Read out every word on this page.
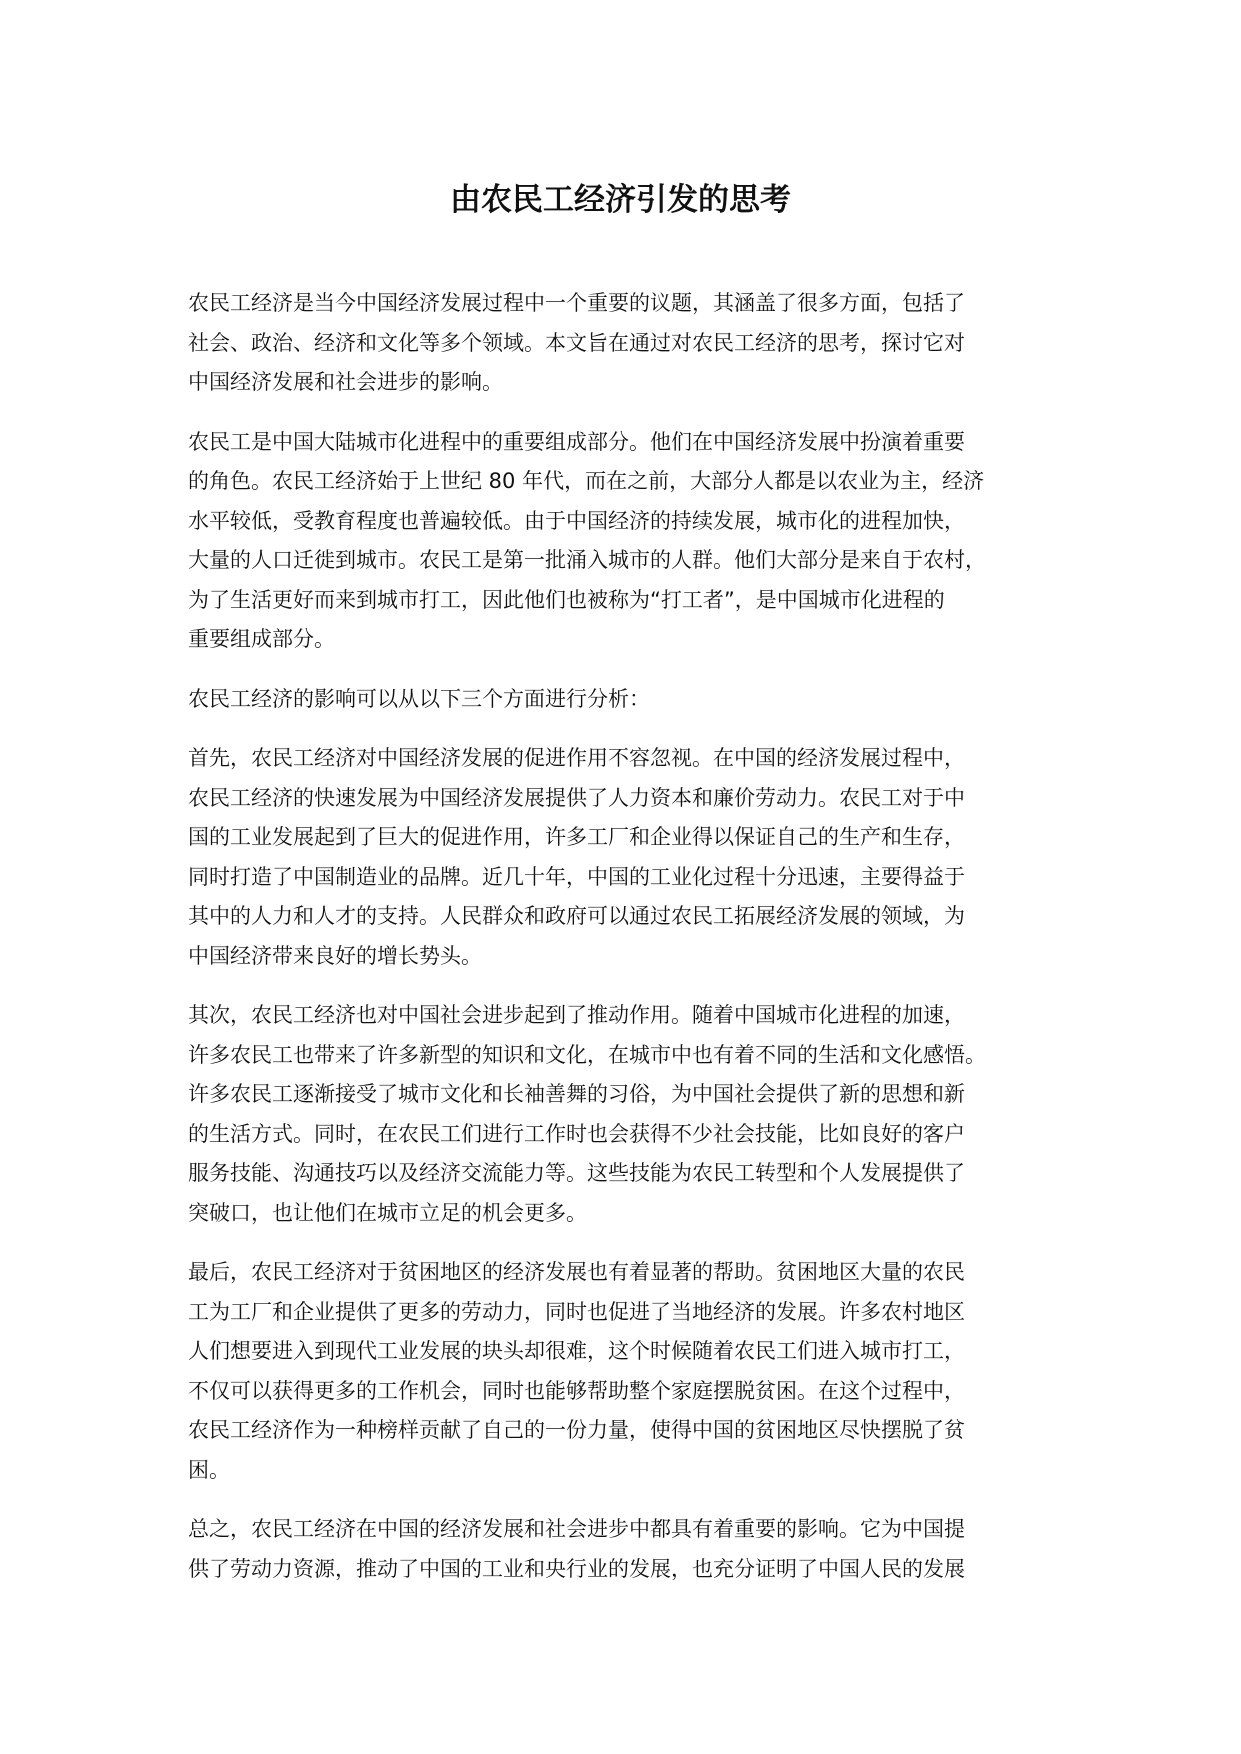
由农民工经济引发的思考

农民工经济是当今中国经济发展过程中一个重要的议题，其涵盖了很多方面，包括了
社会、政治、经济和文化等多个领域。本文旨在通过对农民工经济的思考，探讨它对
中国经济发展和社会进步的影响。

农民工是中国大陆城市化进程中的重要组成部分。他们在中国经济发展中扮演着重要
的角色。农民工经济始于上世纪 80 年代，而在之前，大部分人都是以农业为主，经济
水平较低，受教育程度也普遍较低。由于中国经济的持续发展，城市化的进程加快，
大量的人口迁徙到城市。农民工是第一批涌入城市的人群。他们大部分是来自于农村，
为了生活更好而来到城市打工，因此他们也被称为“打工者”，是中国城市化进程的
重要组成部分。

农民工经济的影响可以从以下三个方面进行分析：

首先，农民工经济对中国经济发展的促进作用不容忽视。在中国的经济发展过程中，
农民工经济的快速发展为中国经济发展提供了人力资本和廉价劳动力。农民工对于中
国的工业发展起到了巨大的促进作用，许多工厂和企业得以保证自己的生产和生存，
同时打造了中国制造业的品牌。近几十年，中国的工业化过程十分迅速，主要得益于
其中的人力和人才的支持。人民群众和政府可以通过农民工拓展经济发展的领域，为
中国经济带来良好的增长势头。

其次，农民工经济也对中国社会进步起到了推动作用。随着中国城市化进程的加速，
许多农民工也带来了许多新型的知识和文化，在城市中也有着不同的生活和文化感悟。
许多农民工逐渐接受了城市文化和长袖善舞的习俗，为中国社会提供了新的思想和新
的生活方式。同时，在农民工们进行工作时也会获得不少社会技能，比如良好的客户
服务技能、沟通技巧以及经济交流能力等。这些技能为农民工转型和个人发展提供了
突破口，也让他们在城市立足的机会更多。

最后，农民工经济对于贫困地区的经济发展也有着显著的帮助。贫困地区大量的农民
工为工厂和企业提供了更多的劳动力，同时也促进了当地经济的发展。许多农村地区
人们想要进入到现代工业发展的块头却很难，这个时候随着农民工们进入城市打工，
不仅可以获得更多的工作机会，同时也能够帮助整个家庭摆脱贫困。在这个过程中，
农民工经济作为一种榜样贡献了自己的一份力量，使得中国的贫困地区尽快摆脱了贫
困。

总之，农民工经济在中国的经济发展和社会进步中都具有着重要的影响。它为中国提
供了劳动力资源，推动了中国的工业和央行业的发展，也充分证明了中国人民的发展
